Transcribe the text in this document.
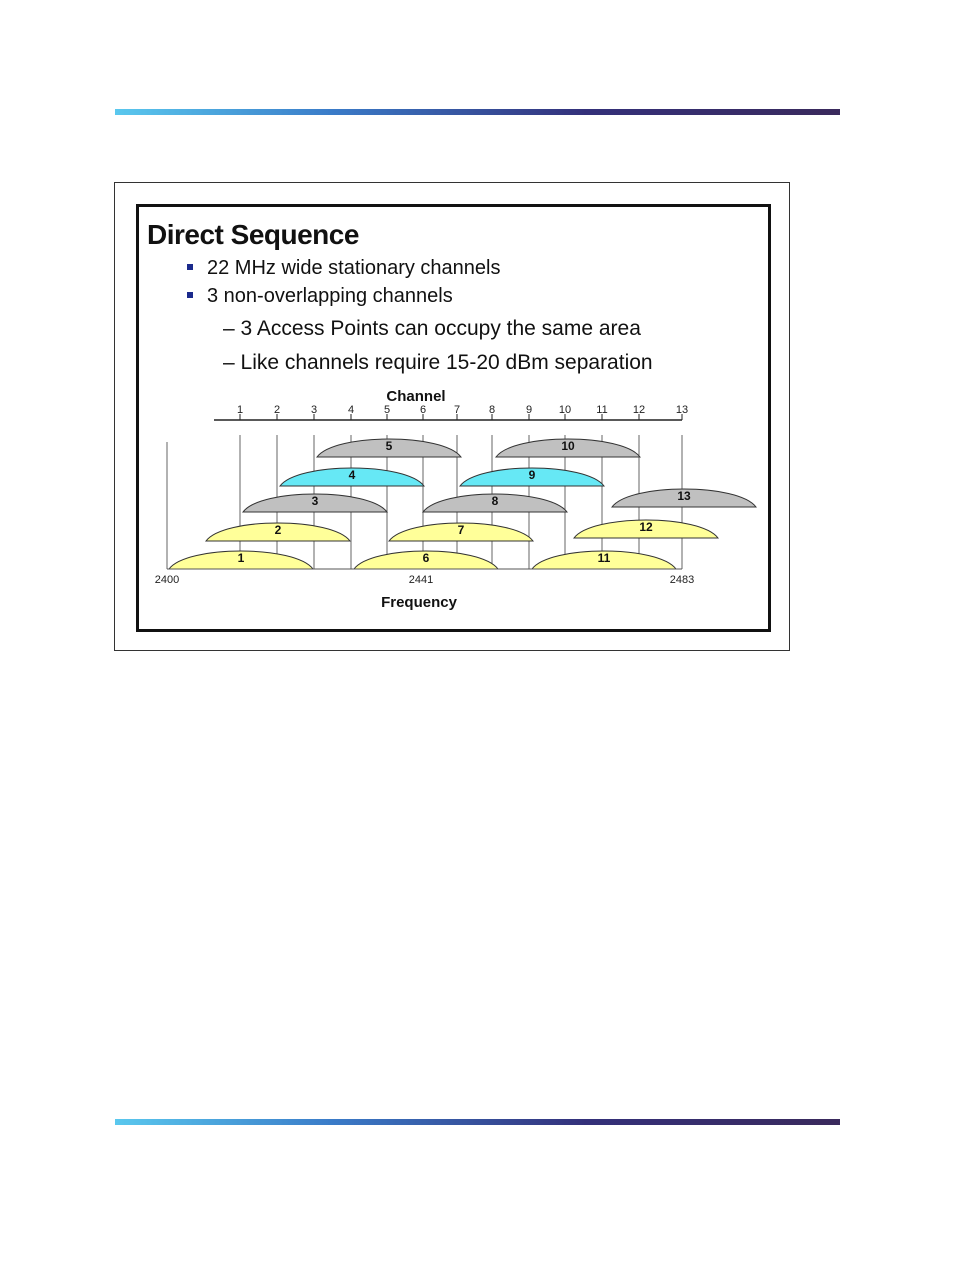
Direct Sequence
22 MHz wide stationary channels
3 non-overlapping channels
– 3 Access Points can occupy the same area
– Like channels require 15-20 dBm separation
Channel
1	2	3	4	5	6	7	8	9 10 11 12	13
1
2
3
4
5
6
7
8
9
10
11
12
13
2400	2441	2483
Frequency
